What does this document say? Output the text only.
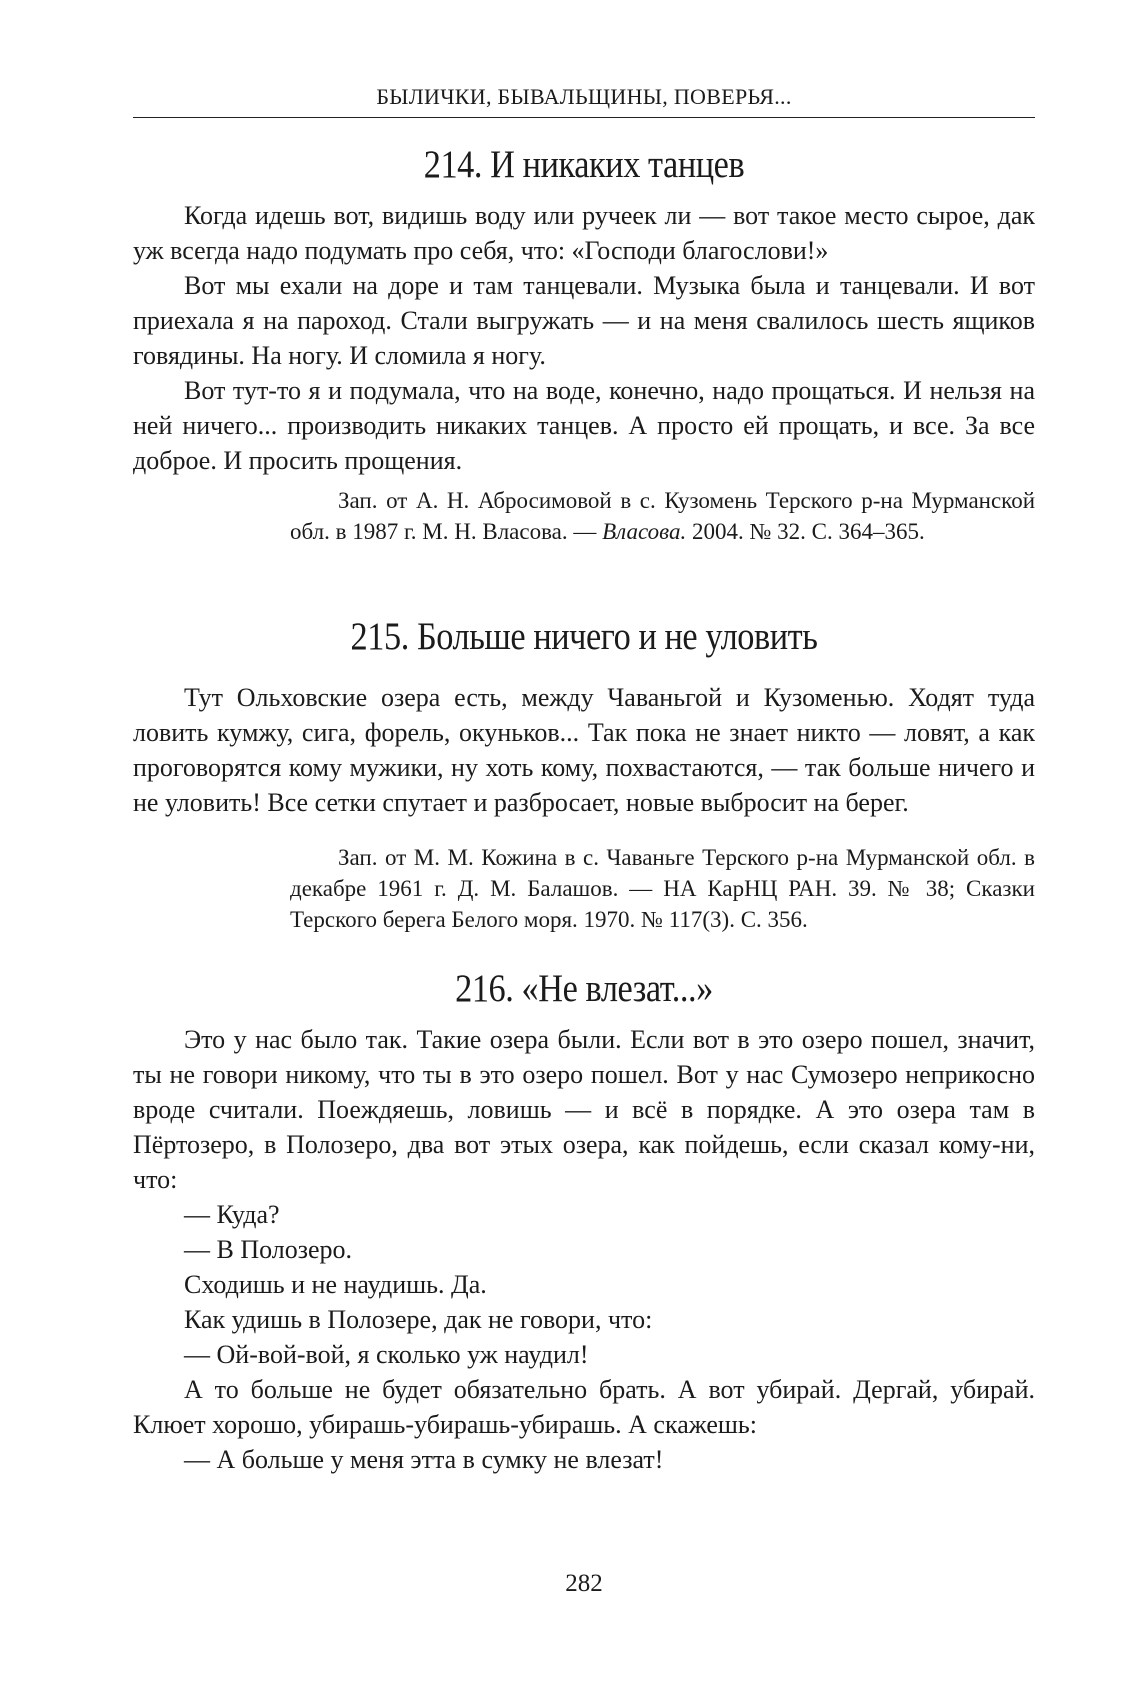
БЫЛИЧКИ, БЫВАЛЬЩИНЫ, ПОВЕРЬЯ...
214. И никаких танцев

Когда идешь вот, видишь воду или ручеек ли — вот такое место сырое, дак уж всегда надо подумать про себя, что: «Господи благослови!»

Вот мы ехали на доре и там танцевали. Музыка была и танцевали. И вот приехала я на пароход. Стали выгружать — и на меня свалилось шесть ящиков говядины. На ногу. И сломила я ногу.

Вот тут-то я и подумала, что на воде, конечно, надо прощаться. И нельзя на ней ничего... производить никаких танцев. А просто ей прощать, и все. За все доброе. И просить прощения.

Зап. от А. Н. Абросимовой в с. Кузомень Терского р-на Мурманской обл. в 1987 г. М. Н. Власова. — Власова. 2004. № 32. С. 364–365.

215. Больше ничего и не уловить

Тут Ольховские озера есть, между Чаваньгой и Кузоменью. Ходят туда ловить кумжу, сига, форель, окуньков... Так пока не знает никто — ловят, а как проговорятся кому мужики, ну хоть кому, похвастаются, — так больше ничего и не уловить! Все сетки спутает и разбросает, новые выбросит на берег.

Зап. от М. М. Кожина в с. Чаваньге Терского р-на Мурманской обл. в декабре 1961 г. Д. М. Балашов. — НА КарНЦ РАН. 39. № 38; Сказки Терского берега Белого моря. 1970. № 117(3). С. 356.

216. «Не влезат...»

Это у нас было так. Такие озера были. Если вот в это озеро пошел, значит, ты не говори никому, что ты в это озеро пошел. Вот у нас Сумозеро неприкосно вроде считали. Поеждяешь, ловишь — и всё в порядке. А это озера там в Пёртозеро, в Полозеро, два вот этых озера, как пойдешь, если сказал кому-ни, что:

— Куда?

— В Полозеро.

Сходишь и не наудишь. Да.

Как удишь в Полозере, дак не говори, что:

— Ой-вой-вой, я сколько уж наудил!

А то больше не будет обязательно брать. А вот убирай. Дергай, убирай. Клюет хорошо, убирашь-убирашь-убирашь. А скажешь:

— А больше у меня этта в сумку не влезат!

282
